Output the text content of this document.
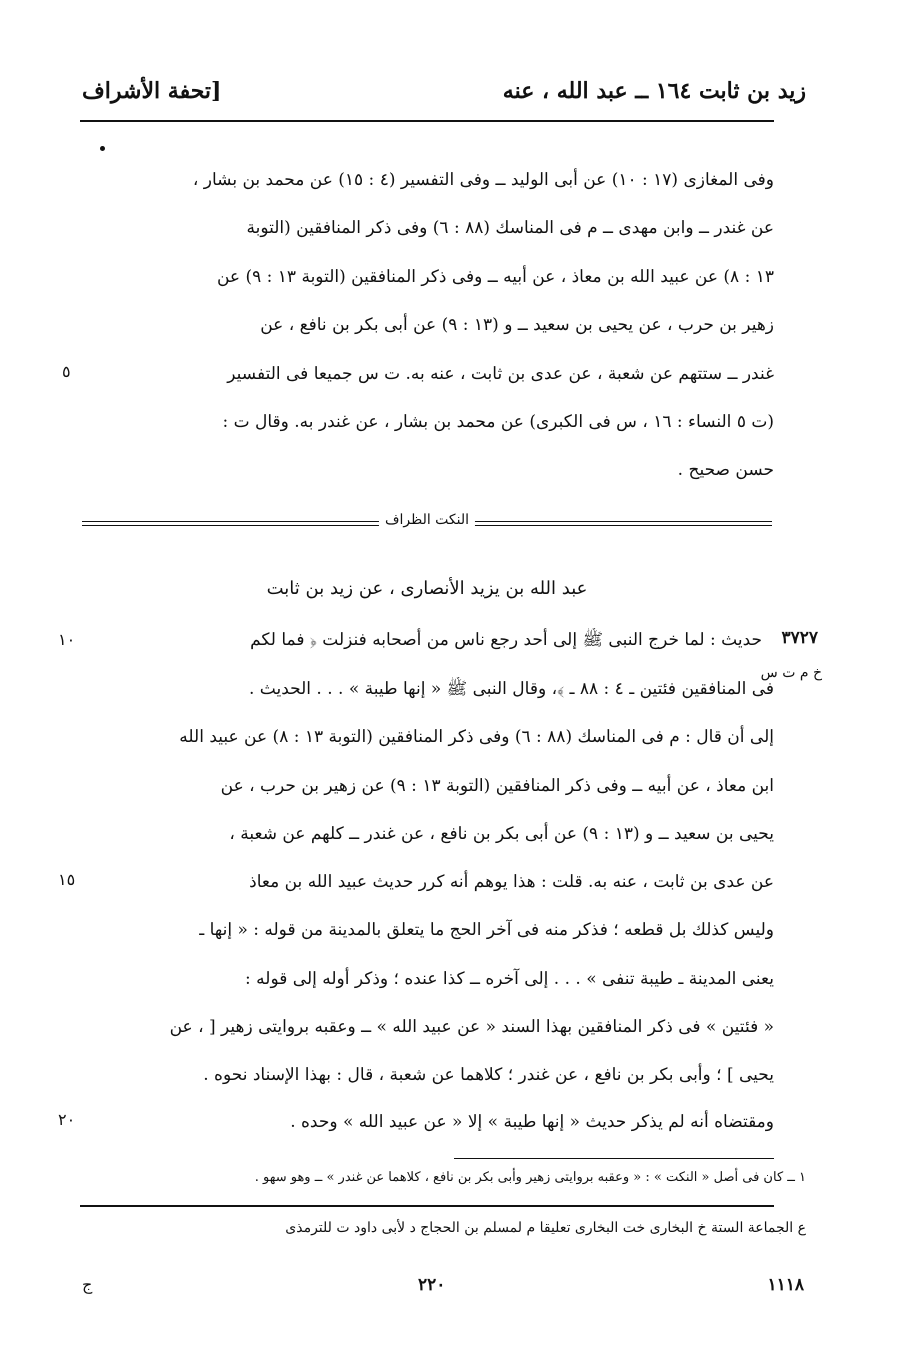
زيد بن ثابت ١٦٤ ــ عبد الله ، عنه
[تحفة الأشراف
وفى المغازى (١٧ : ١٠) عن أبى الوليد ــ وفى التفسير (٤ : ١٥) عن محمد بن بشار ،
عن غندر ــ وابن مهدى ــ م فى المناسك (٨٨ : ٦) وفى ذكر المنافقين (التوبة
١٣ : ٨) عن عبيد الله بن معاذ ، عن أبيه ــ وفى ذكر المنافقين (التوبة ١٣ : ٩) عن
زهير بن حرب ، عن يحيى بن سعيد ــ و (١٣ : ٩) عن أبى بكر بن نافع ، عن
غندر ــ ستتهم عن شعبة ، عن عدى بن ثابت ، عنه به. ت س جميعا فى التفسير
(ت ٥ النساء : ١٦ ، س فى الكبرى) عن محمد بن بشار ، عن غندر به. وقال ت :
حسن صحيح .
٥
النكت الظراف
عبد الله بن يزيد الأنصارى ، عن زيد بن ثابت
٣٧٢٧
خ م ت س
حديث : لما خرج النبى ﷺ إلى أحد رجع ناس من أصحابه فنزلت ﴿ فما لكم
فى المنافقين فئتين ـ ٤ : ٨٨ ـ ﴾، وقال النبى ﷺ « إنها طيبة » . . . الحديث .
إلى أن قال : م فى المناسك (٨٨ : ٦) وفى ذكر المنافقين (التوبة ١٣ : ٨) عن عبيد الله
ابن معاذ ، عن أبيه ــ وفى ذكر المنافقين (التوبة ١٣ : ٩) عن زهير بن حرب ، عن
يحيى بن سعيد ــ و (١٣ : ٩) عن أبى بكر بن نافع ، عن غندر ــ كلهم عن شعبة ،
عن عدى بن ثابت ، عنه به. قلت : هذا يوهم أنه كرر حديث عبيد الله بن معاذ
وليس كذلك بل قطعه ؛ فذكر منه فى آخر الحج ما يتعلق بالمدينة من قوله : « إنها ـ
يعنى المدينة ـ طيبة تنفى » . . . إلى آخره ــ كذا عنده ؛ وذكر أوله إلى قوله :
« فئتين » فى ذكر المنافقين بهذا السند « عن عبيد الله » ــ وعقبه بروايتى زهير [ ، عن
يحيى ] ؛ وأبى بكر بن نافع ، عن غندر ؛ كلاهما عن شعبة ، قال : بهذا الإسناد نحوه .
ومقتضاه أنه لم يذكر حديث « إنها طيبة » إلا « عن عبيد الله » وحده .
١٠
١٥
٢٠
١ ــ كان فى أصل « النكت » : « وعقبه بروايتى زهير وأبى بكر بن نافع ، كلاهما عن غندر » ــ وهو سهو .
ع الجماعة الستة خ البخارى خت البخارى تعليقا م لمسلم بن الحجاج د لأبى داود ت للترمذى
١١١٨
٢٢٠
ج
